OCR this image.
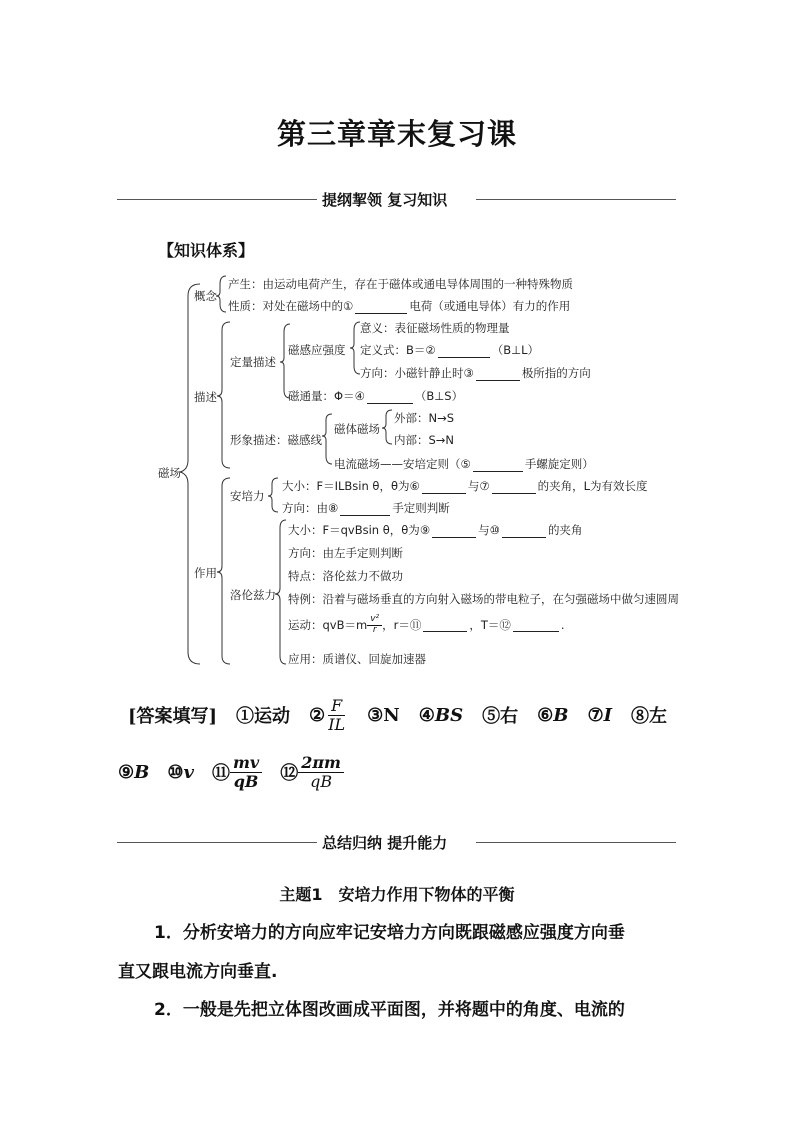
第三章章末复习课
提纲挈领 复习知识
【知识体系】
磁场
概念
产生：由运动电荷产生，存在于磁体或通电导体周围的一种特殊物质
性质：对处在磁场中的①	电荷（或通电导体）有力的作用
描述
定量描述
磁感应强度
意义：表征磁场性质的物理量
定义式：B＝②	（B⊥L）
方向：小磁针静止时③	极所指的方向
磁通量：Φ＝④	（B⊥S）
形象描述：磁感线
磁体磁场
外部：N→S
内部：S→N
电流磁场——安培定则（⑤	手螺旋定则）
作用
安培力
大小：F＝ILBsin θ，θ为⑥	与⑦	的夹角，L为有效长度
方向：由⑧	手定则判断
洛伦兹力
大小：F＝qvBsin θ，θ为⑨	与⑩	的夹角
方向：由左手定则判断
特点：洛伦兹力不做功
特例：沿着与磁场垂直的方向射入磁场的带电粒子，在匀强磁场中做匀速圆周
运动：$qvB=m \frac{\text{v²}}{r}$ ，r＝ ⑪	，T＝ ⑫	.
应用：质谱仪、回旋加速器
[答案填写] ①运动 ② $\frac{F}{IL}$ ③N ④BS ⑤右 ⑥B ⑦I ⑧左
⑨B ⑩v ⑪ $\frac{mv}{qB}$ ⑫ $\frac{2\pi m}{qB}$
总结归纳 提升能力
主题1　安培力作用下物体的平衡
1．分析安培力的方向应牢记安培力方向既跟磁感应强度方向垂
直又跟电流方向垂直.
2．一般是先把立体图改画成平面图，并将题中的角度、电流的
